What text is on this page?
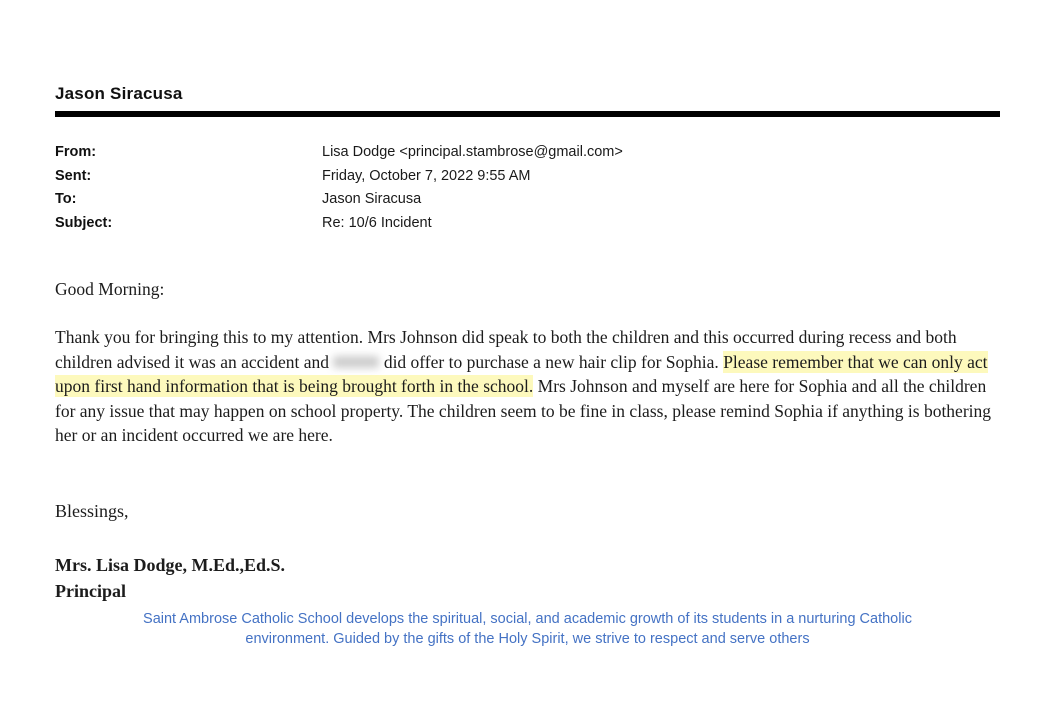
Jason Siracusa
From:	Lisa Dodge <principal.stambrose@gmail.com>
Sent:	Friday, October 7, 2022 9:55 AM
To:	Jason Siracusa
Subject:	Re: 10/6 Incident

Good Morning:

Thank you for bringing this to my attention. Mrs Johnson did speak to both the children and this occurred during recess and both children advised it was an accident and	did offer to purchase a new hair clip for Sophia. Please remember that we can only act upon first hand information that is being brought forth in the school. Mrs Johnson and myself are here for Sophia and all the children for any issue that may happen on school property. The children seem to be fine in class, please remind Sophia if anything is bothering her or an incident occurred we are here.

Blessings,

Mrs. Lisa Dodge, M.Ed.,Ed.S.

Principal

Saint Ambrose Catholic School develops the spiritual, social, and academic growth of its students in a nurturing Catholic
environment. Guided by the gifts of the Holy Spirit, we strive to respect and serve others
